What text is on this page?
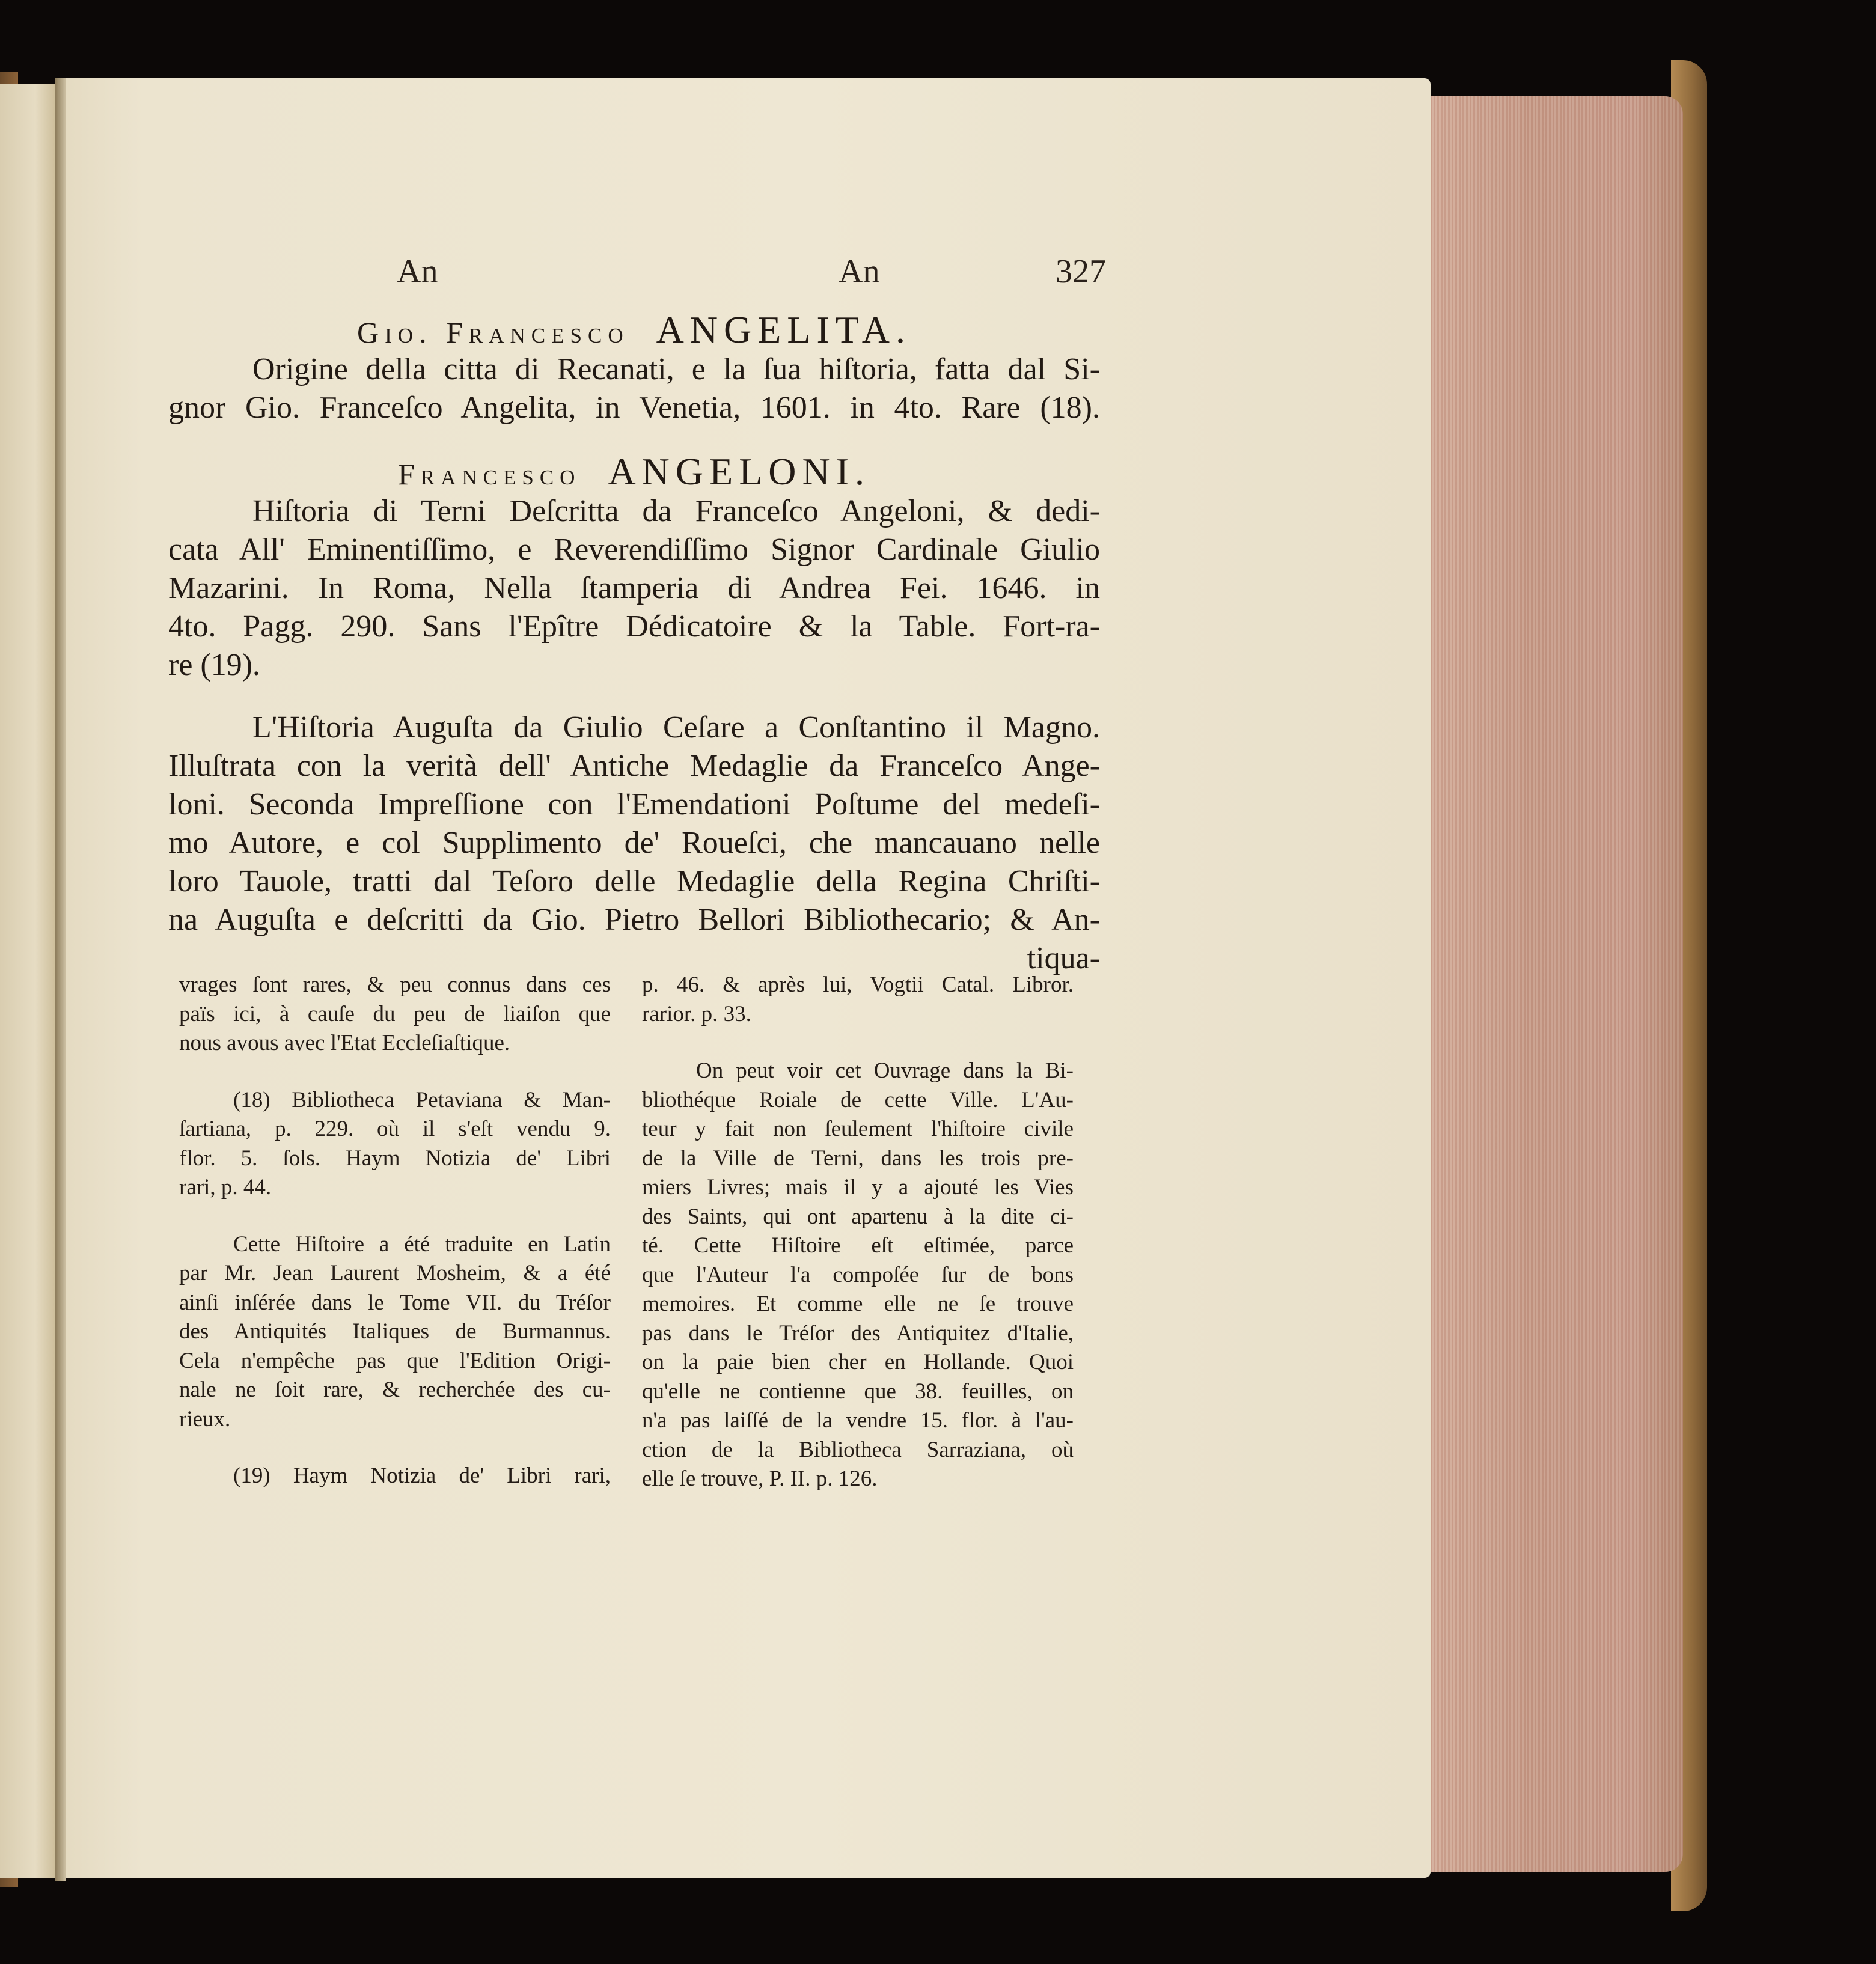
An	An	327
Gio. Francesco ANGELITA.
Origine della citta di Recanati, e la ſua hiſtoria, fatta dal Si-
gnor Gio. Franceſco Angelita, in Venetia, 1601. in 4to. Rare (18).
Francesco ANGELONI.
Hiſtoria di Terni Deſcritta da Franceſco Angeloni, & dedi-
cata All' Eminentiſſimo, e Reverendiſſimo Signor Cardinale Giulio
Mazarini. In Roma, Nella ſtamperia di Andrea Fei. 1646. in
4to. Pagg. 290. Sans l'Epître Dédicatoire & la Table. Fort-ra-
re (19).
L'Hiſtoria Auguſta da Giulio Ceſare a Conſtantino il Magno.
Illuſtrata con la verità dell' Antiche Medaglie da Franceſco Ange-
loni. Seconda Impreſſione con l'Emendationi Poſtume del medeſi-
mo Autore, e col Supplimento de' Roueſci, che mancauano nelle
loro Tauole, tratti dal Teſoro delle Medaglie della Regina Chriſti-
na Auguſta e deſcritti da Gio. Pietro Bellori Bibliothecario; & An-
tiqua-
vrages ſont rares, & peu connus dans ces
païs ici, à cauſe du peu de liaiſon que
nous avous avec l'Etat Eccleſiaſtique.
(18) Bibliotheca Petaviana & Man-
ſartiana, p. 229. où il s'eſt vendu 9.
flor. 5. ſols. Haym Notizia de' Libri
rari, p. 44.
Cette Hiſtoire a été traduite en Latin
par Mr. Jean Laurent Mosheim, & a été
ainſi inſérée dans le Tome VII. du Tréſor
des Antiquités Italiques de Burmannus.
Cela n'empêche pas que l'Edition Origi-
nale ne ſoit rare, & recherchée des cu-
rieux.
(19) Haym Notizia de' Libri rari,
p. 46. & après lui, Vogtii Catal. Libror.
rarior. p. 33.
On peut voir cet Ouvrage dans la Bi-
bliothéque Roiale de cette Ville. L'Au-
teur y fait non ſeulement l'hiſtoire civile
de la Ville de Terni, dans les trois pre-
miers Livres; mais il y a ajouté les Vies
des Saints, qui ont apartenu à la dite ci-
té. Cette Hiſtoire eſt eſtimée, parce
que l'Auteur l'a compoſée ſur de bons
memoires. Et comme elle ne ſe trouve
pas dans le Tréſor des Antiquitez d'Italie,
on la paie bien cher en Hollande. Quoi
qu'elle ne contienne que 38. feuilles, on
n'a pas laiſſé de la vendre 15. flor. à l'au-
ction de la Bibliotheca Sarraziana, où
elle ſe trouve, P. II. p. 126.
